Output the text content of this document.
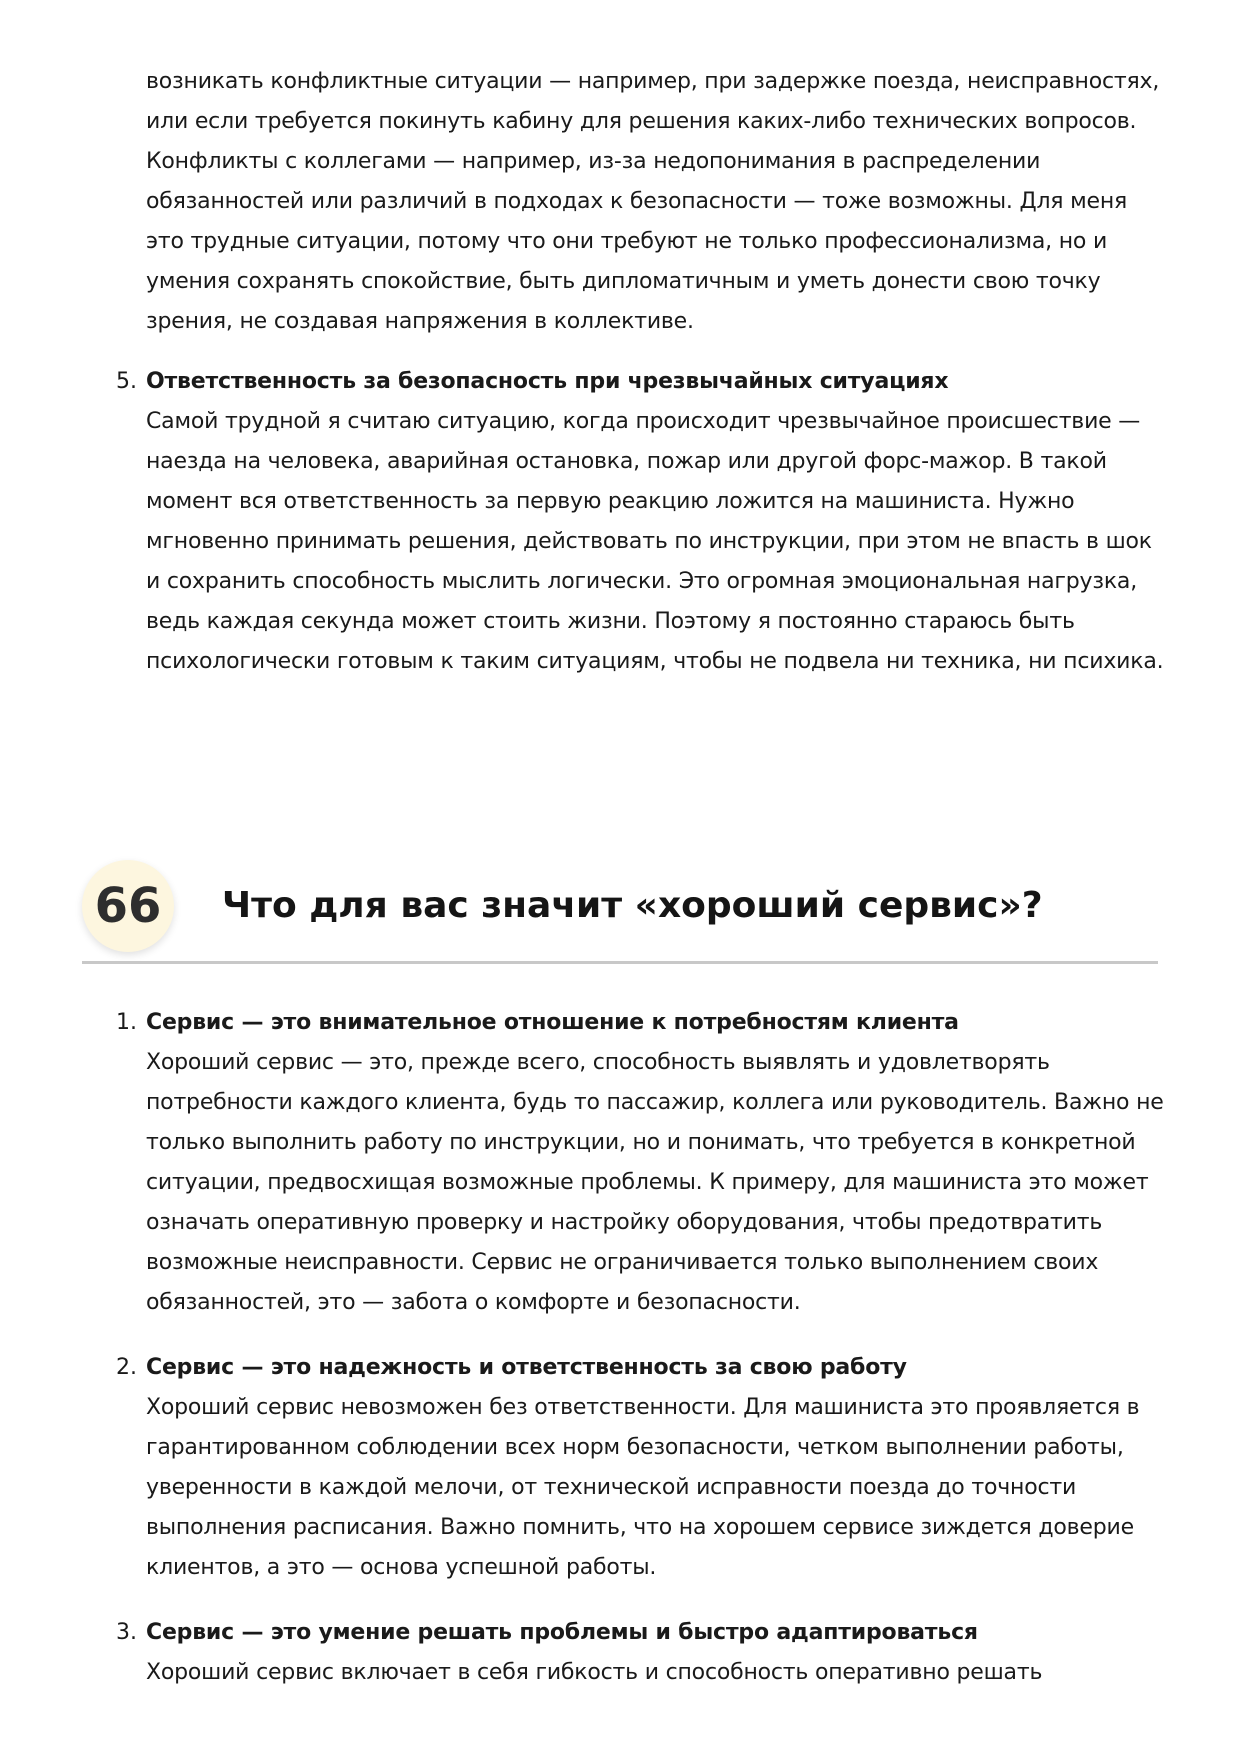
возникать конфликтные ситуации — например, при задержке поезда, неисправностях,
или если требуется покинуть кабину для решения каких-либо технических вопросов.
Конфликты с коллегами — например, из-за недопонимания в распределении
обязанностей или различий в подходах к безопасности — тоже возможны. Для меня
это трудные ситуации, потому что они требуют не только профессионализма, но и
умения сохранять спокойствие, быть дипломатичным и уметь донести свою точку
зрения, не создавая напряжения в коллективе.
5. Ответственность за безопасность при чрезвычайных ситуациях
Самой трудной я считаю ситуацию, когда происходит чрезвычайное происшествие —
наезда на человека, аварийная остановка, пожар или другой форс-мажор. В такой
момент вся ответственность за первую реакцию ложится на машиниста. Нужно
мгновенно принимать решения, действовать по инструкции, при этом не впасть в шок
и сохранить способность мыслить логически. Это огромная эмоциональная нагрузка,
ведь каждая секунда может стоить жизни. Поэтому я постоянно стараюсь быть
психологически готовым к таким ситуациям, чтобы не подвела ни техника, ни психика.
66	Что для вас значит «хороший сервис»?
1. Сервис — это внимательное отношение к потребностям клиента
Хороший сервис — это, прежде всего, способность выявлять и удовлетворять
потребности каждого клиента, будь то пассажир, коллега или руководитель. Важно не
только выполнить работу по инструкции, но и понимать, что требуется в конкретной
ситуации, предвосхищая возможные проблемы. К примеру, для машиниста это может
означать оперативную проверку и настройку оборудования, чтобы предотвратить
возможные неисправности. Сервис не ограничивается только выполнением своих
обязанностей, это — забота о комфорте и безопасности.
2. Сервис — это надежность и ответственность за свою работу
Хороший сервис невозможен без ответственности. Для машиниста это проявляется в
гарантированном соблюдении всех норм безопасности, четком выполнении работы,
уверенности в каждой мелочи, от технической исправности поезда до точности
выполнения расписания. Важно помнить, что на хорошем сервисе зиждется доверие
клиентов, а это — основа успешной работы.
3. Сервис — это умение решать проблемы и быстро адаптироваться
Хороший сервис включает в себя гибкость и способность оперативно решать
